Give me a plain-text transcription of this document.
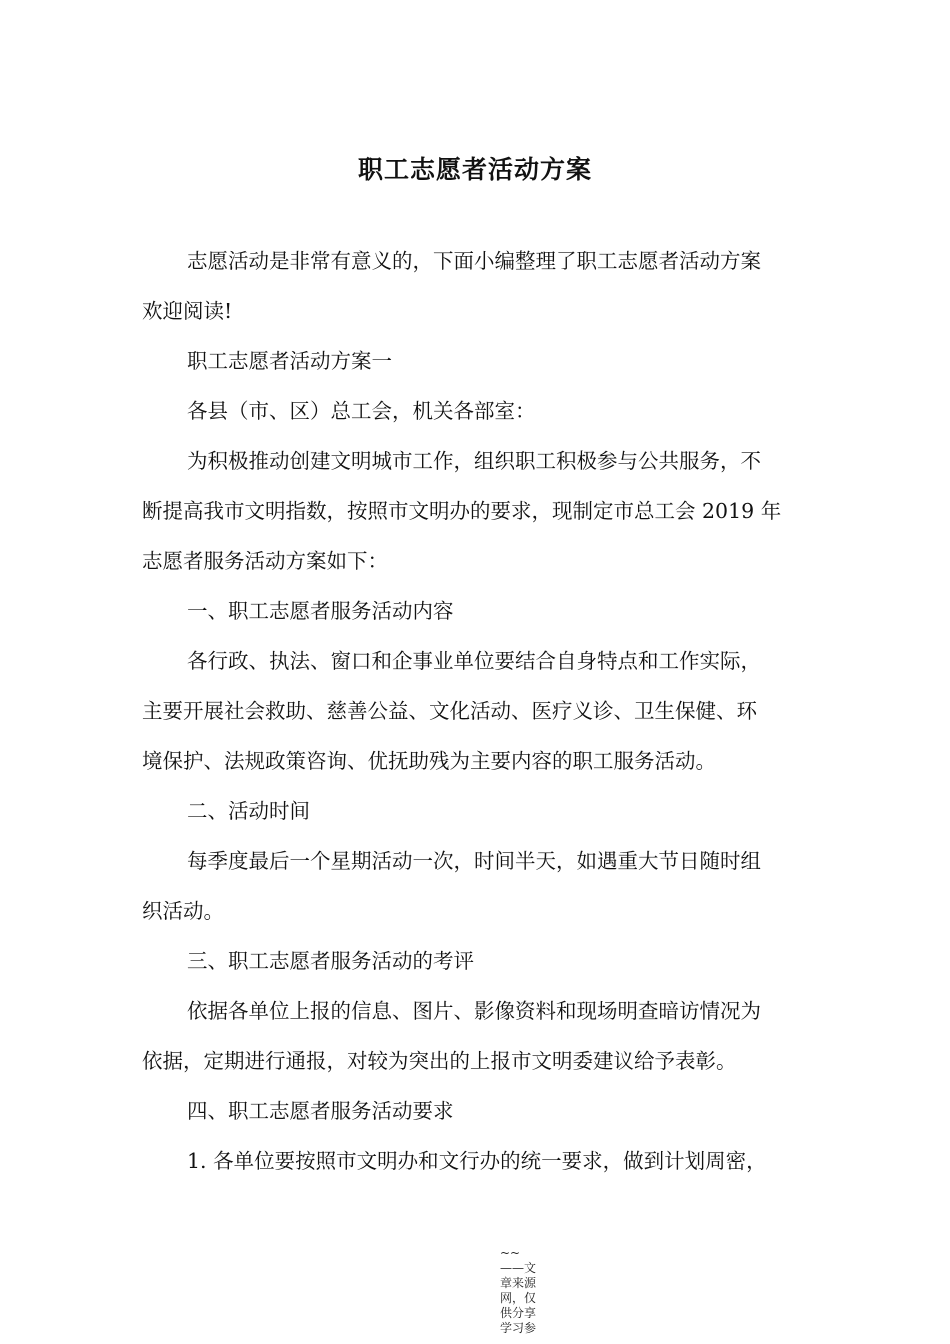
职工志愿者活动方案

志愿活动是非常有意义的，下面小编整理了职工志愿者活动方案

欢迎阅读!

职工志愿者活动方案一

各县（市、区）总工会，机关各部室：

为积极推动创建文明城市工作，组织职工积极参与公共服务，不

断提高我市文明指数，按照市文明办的要求，现制定市总工会 2019 年

志愿者服务活动方案如下：

一、职工志愿者服务活动内容

各行政、执法、窗口和企事业单位要结合自身特点和工作实际，

主要开展社会救助、慈善公益、文化活动、医疗义诊、卫生保健、环

境保护、法规政策咨询、优抚助残为主要内容的职工服务活动。

二、活动时间

每季度最后一个星期活动一次，时间半天，如遇重大节日随时组

织活动。

三、职工志愿者服务活动的考评

依据各单位上报的信息、图片、影像资料和现场明查暗访情况为

依据，定期进行通报，对较为突出的上报市文明委建议给予表彰。

四、职工志愿者服务活动要求

1. 各单位要按照市文明办和文行办的统一要求，做到计划周密，

~~
——文章来源网，仅供分享学习参
